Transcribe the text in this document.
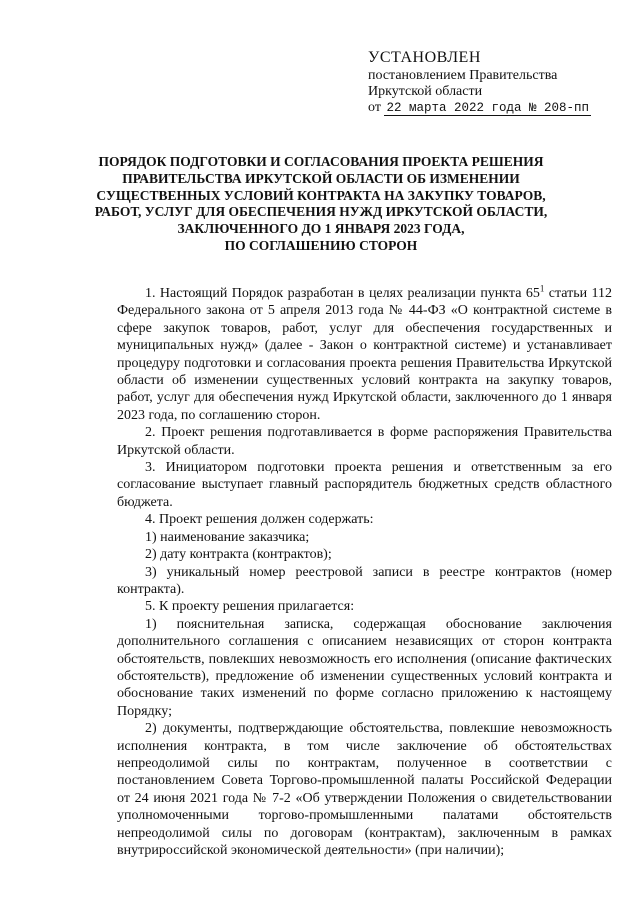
УСТАНОВЛЕН
постановлением Правительства
Иркутской области
от 22 марта 2022 года № 208-пп
ПОРЯДОК ПОДГОТОВКИ И СОГЛАСОВАНИЯ ПРОЕКТА РЕШЕНИЯ
ПРАВИТЕЛЬСТВА ИРКУТСКОЙ ОБЛАСТИ ОБ ИЗМЕНЕНИИ
СУЩЕСТВЕННЫХ УСЛОВИЙ КОНТРАКТА НА ЗАКУПКУ ТОВАРОВ,
РАБОТ, УСЛУГ ДЛЯ ОБЕСПЕЧЕНИЯ НУЖД ИРКУТСКОЙ ОБЛАСТИ,
ЗАКЛЮЧЕННОГО ДО 1 ЯНВАРЯ 2023 ГОДА,
ПО СОГЛАШЕНИЮ СТОРОН

1. Настоящий Порядок разработан в целях реализации пункта $65^1$ статьи 112 Федерального закона от 5 апреля 2013 года № 44-ФЗ «О контрактной системе в сфере закупок товаров, работ, услуг для обеспечения государственных и муниципальных нужд» (далее - Закон о контрактной системе) и устанавливает процедуру подготовки и согласования проекта решения Правительства Иркутской области об изменении существенных условий контракта на закупку товаров, работ, услуг для обеспечения нужд Иркутской области, заключенного до 1 января 2023 года, по соглашению сторон.

2. Проект решения подготавливается в форме распоряжения Правительства Иркутской области.

3. Инициатором подготовки проекта решения и ответственным за его согласование выступает главный распорядитель бюджетных средств областного бюджета.

4. Проект решения должен содержать:

1) наименование заказчика;

2) дату контракта (контрактов);

3) уникальный номер реестровой записи в реестре контрактов (номер контракта).

5. К проекту решения прилагается:

1) пояснительная записка, содержащая обоснование заключения дополнительного соглашения с описанием независящих от сторон контракта обстоятельств, повлекших невозможность его исполнения (описание фактических обстоятельств), предложение об изменении существенных условий контракта и обоснование таких изменений по форме согласно приложению к настоящему Порядку;

2) документы, подтверждающие обстоятельства, повлекшие невозможность исполнения контракта, в том числе заключение об обстоятельствах непреодолимой силы по контрактам, полученное в соответствии с постановлением Совета Торгово-промышленной палаты Российской Федерации от 24 июня 2021 года № 7-2 «Об утверждении Положения о свидетельствовании уполномоченными торгово-промышленными палатами обстоятельств непреодолимой силы по договорам (контрактам), заключенным в рамках внутрироссийской экономической деятельности» (при наличии);
